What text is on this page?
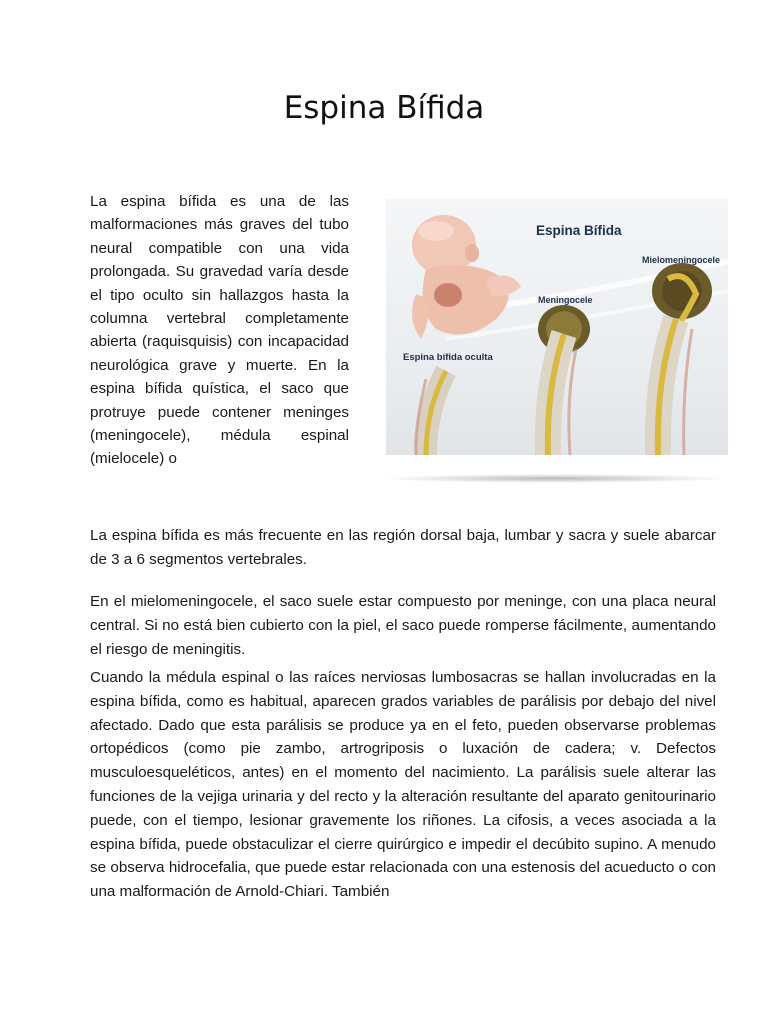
Espina Bífida

La espina bífida es una de las malformaciones más graves del tubo neural compatible con una vida prolongada. Su gravedad varía desde el tipo oculto sin hallazgos hasta la columna vertebral completamente abierta (raquisquisis) con incapacidad neurológica grave y muerte. En la espina bífida quística, el saco que protruye puede contener meninges (meningocele), médula espinal (mielocele) o

Espina Bífida
Mielomeningocele
Meningocele
Espina bífida oculta

La espina bífida es más frecuente en las región dorsal baja, lumbar y sacra y suele abarcar de 3 a 6 segmentos vertebrales.

En el mielomeningocele, el saco suele estar compuesto por meninge, con una placa neural central. Si no está bien cubierto con la piel, el saco puede romperse fácilmente, aumentando el riesgo de meningitis.

Cuando la médula espinal o las raíces nerviosas lumbosacras se hallan involucradas en la espina bífida, como es habitual, aparecen grados variables de parálisis por debajo del nivel afectado. Dado que esta parálisis se produce ya en el feto, pueden observarse problemas ortopédicos (como pie zambo, artrogriposis o luxación de cadera; v. Defectos musculoesqueléticos, antes) en el momento del nacimiento. La parálisis suele alterar las funciones de la vejiga urinaria y del recto y la alteración resultante del aparato genitourinario puede, con el tiempo, lesionar gravemente los riñones. La cifosis, a veces asociada a la espina bífida, puede obstaculizar el cierre quirúrgico e impedir el decúbito supino. A menudo se observa hidrocefalia, que puede estar relacionada con una estenosis del acueducto o con una malformación de Arnold-Chiari. También
